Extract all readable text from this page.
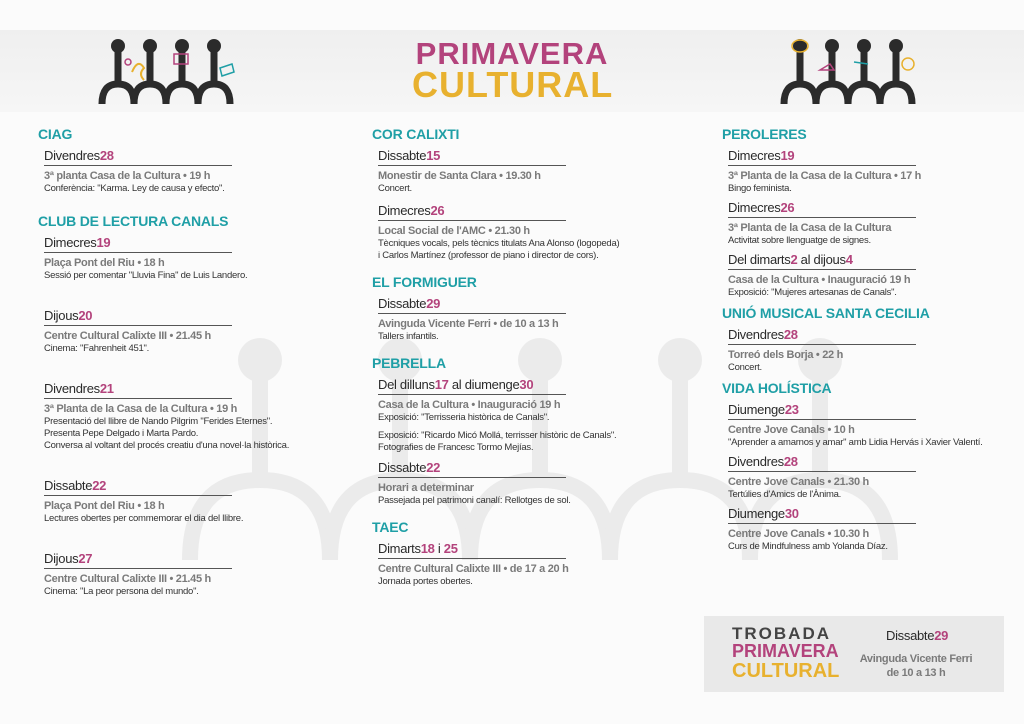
PRIMAVERA
CULTURAL
CIAG
Divendres28
3ª planta Casa de la Cultura • 19 h
Conferència: "Karma. Ley de causa y efecto".
CLUB DE LECTURA CANALS
Dimecres19
Plaça Pont del Riu • 18 h
Sessió per comentar "Lluvia Fina" de Luis Landero.
Dijous20
Centre Cultural Calixte III • 21.45 h
Cinema: "Fahrenheit 451".
Divendres21
3ª Planta de la Casa de la Cultura • 19 h
Presentació del llibre de Nando Pilgrim "Ferides Eternes".
Presenta Pepe Delgado i Marta Pardo.
Conversa al voltant del procés creatiu d'una novel·la històrica.
Dissabte22
Plaça Pont del Riu • 18 h
Lectures obertes per commemorar el dia del llibre.
Dijous27
Centre Cultural Calixte III • 21.45 h
Cinema: "La peor persona del mundo".
COR CALIXTI
Dissabte15
Monestir de Santa Clara • 19.30 h
Concert.
Dimecres26
Local Social de l'AMC • 21.30 h
Tècniques vocals, pels tècnics titulats Ana Alonso (logopeda)
i Carlos Martínez (professor de piano i director de cors).
EL FORMIGUER
Dissabte29
Avinguda Vicente Ferri • de 10 a 13 h
Tallers infantils.
PEBRELLA
Del dilluns17 al diumenge30
Casa de la Cultura • Inauguració 19 h
Exposició: "Terrisseria històrica de Canals".
Exposició: "Ricardo Micó Mollá, terrisser històric de Canals".
Fotografies de Francesc Tormo Mejías.
Dissabte22
Horari a determinar
Passejada pel patrimoni canalí: Rellotges de sol.
TAEC
Dimarts18 i 25
Centre Cultural Calixte III • de 17 a 20 h
Jornada portes obertes.
PEROLERES
Dimecres19
3ª Planta de la Casa de la Cultura • 17 h
Bingo feminista.
Dimecres26
3ª Planta de la Casa de la Cultura
Activitat sobre llenguatge de signes.
Del dimarts2 al dijous4
Casa de la Cultura • Inauguració 19 h
Exposició: "Mujeres artesanas de Canals".
UNIÓ MUSICAL SANTA CECILIA
Divendres28
Torreó dels Borja • 22 h
Concert.
VIDA HOLÍSTICA
Diumenge23
Centre Jove Canals • 10 h
"Aprender a amarnos y amar" amb Lidia Hervás i Xavier Valentí.
Divendres28
Centre Jove Canals • 21.30 h
Tertúlies d'Amics de l'Ànima.
Diumenge30
Centre Jove Canals • 10.30 h
Curs de Mindfulness amb Yolanda Díaz.
TROBADA
PRIMAVERA
CULTURAL
Dissabte29
Avinguda Vicente Ferri de 10 a 13 h
